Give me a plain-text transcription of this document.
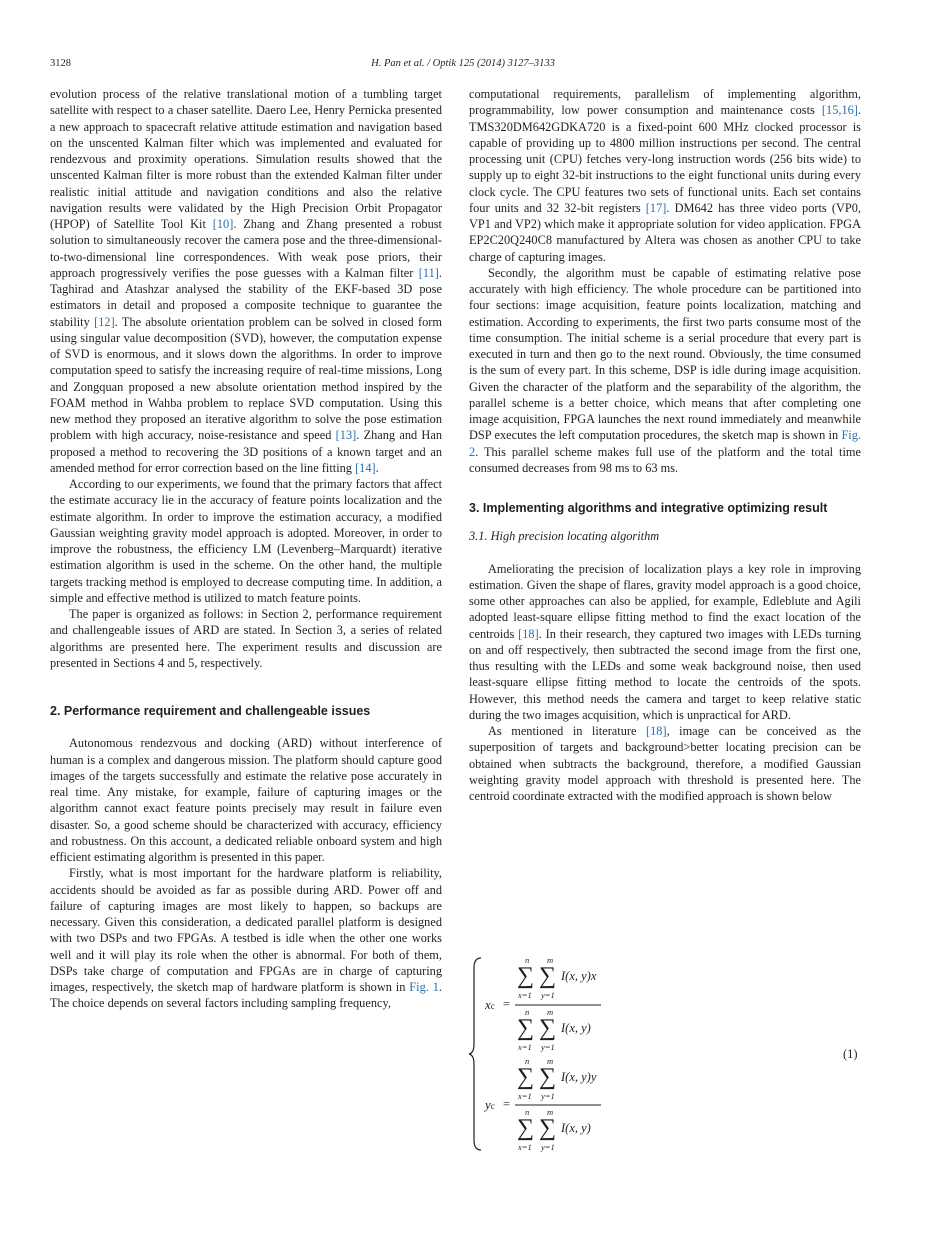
3128	H. Pan et al. / Optik 125 (2014) 3127–3133

evolution process of the relative translational motion of a tumbling target satellite with respect to a chaser satellite. Daero Lee, Henry Pernicka presented a new approach to spacecraft relative attitude estimation and navigation based on the unscented Kalman filter which was implemented and evaluated for rendezvous and proximity operations. Simulation results showed that the unscented Kalman filter is more robust than the extended Kalman filter under realistic initial attitude and navigation conditions and also the relative navigation results were validated by the High Precision Orbit Propagator (HPOP) of Satellite Tool Kit [10]. Zhang and Zhang presented a robust solution to simultaneously recover the camera pose and the three-dimensional-to-two-dimensional line correspondences. With weak pose priors, their approach progressively verifies the pose guesses with a Kalman filter [11]. Taghirad and Atashzar analysed the stability of the EKF-based 3D pose estimators in detail and proposed a composite technique to guarantee the stability [12]. The absolute orientation problem can be solved in closed form using singular value decomposition (SVD), however, the computation expense of SVD is enormous, and it slows down the algorithms. In order to improve computation speed to satisfy the increasing require of real-time missions, Long and Zongquan proposed a new absolute orientation method inspired by the FOAM method in Wahba problem to replace SVD computation. Using this new method they proposed an iterative algorithm to solve the pose estimation problem with high accuracy, noise-resistance and speed [13]. Zhang and Han proposed a method to recovering the 3D positions of a known target and an amended method for error correction based on the line fitting [14].

According to our experiments, we found that the primary factors that affect the estimate accuracy lie in the accuracy of feature points localization and the estimate algorithm. In order to improve the estimation accuracy, a modified Gaussian weighting gravity model approach is adopted. Moreover, in order to improve the robustness, the efficiency LM (Levenberg–Marquardt) iterative estimation algorithm is used in the scheme. On the other hand, the multiple targets tracking method is employed to decrease computing time. In addition, a simple and effective method is utilized to match feature points.

The paper is organized as follows: in Section 2, performance requirement and challengeable issues of ARD are stated. In Section 3, a series of related algorithms are presented here. The experiment results and discussion are presented in Sections 4 and 5, respectively.

2. Performance requirement and challengeable issues

Autonomous rendezvous and docking (ARD) without interference of human is a complex and dangerous mission. The platform should capture good images of the targets successfully and estimate the relative pose accurately in real time. Any mistake, for example, failure of capturing images or the algorithm cannot exact feature points precisely may result in failure even disaster. So, a good scheme should be characterized with accuracy, efficiency and robustness. On this account, a dedicated reliable onboard system and high efficient estimating algorithm is presented in this paper.

Firstly, what is most important for the hardware platform is reliability, accidents should be avoided as far as possible during ARD. Power off and failure of capturing images are most likely to happen, so backups are necessary. Given this consideration, a dedicated parallel platform is designed with two DSPs and two FPGAs. A testbed is idle when the other one works well and it will play its role when the other is abnormal. For both of them, DSPs take charge of computation and FPGAs are in charge of capturing images, respectively, the sketch map of hardware platform is shown in Fig. 1. The choice depends on several factors including sampling frequency,

computational requirements, parallelism of implementing algorithm, programmability, low power consumption and maintenance costs [15,16]. TMS320DM642GDKA720 is a fixed-point 600 MHz clocked processor is capable of providing up to 4800 million instructions per second. The central processing unit (CPU) fetches very-long instruction words (256 bits wide) to supply up to eight 32-bit instructions to the eight functional units during every clock cycle. The CPU features two sets of functional units. Each set contains four units and 32 32-bit registers [17]. DM642 has three video ports (VP0, VP1 and VP2) which make it appropriate solution for video application. FPGA EP2C20Q240C8 manufactured by Altera was chosen as another CPU to take charge of capturing images.

Secondly, the algorithm must be capable of estimating relative pose accurately with high efficiency. The whole procedure can be partitioned into four sections: image acquisition, feature points localization, matching and estimation. According to experiments, the first two parts consume most of the time consumption. The initial scheme is a serial procedure that every part is executed in turn and then go to the next round. Obviously, the time consumed is the sum of every part. In this scheme, DSP is idle during image acquisition. Given the character of the platform and the separability of the algorithm, the parallel scheme is a better choice, which means that after completing one image acquisition, FPGA launches the next round immediately and meanwhile DSP executes the left computation procedures, the sketch map is shown in Fig. 2. This parallel scheme makes full use of the platform and the total time consumed decreases from 98 ms to 63 ms.

3. Implementing algorithms and integrative optimizing result
3.1. High precision locating algorithm

Ameliorating the precision of localization plays a key role in improving estimation. Given the shape of flares, gravity model approach is a good choice, some other approaches can also be applied, for example, Edleblute and Agili adopted least-square ellipse fitting method to find the exact location of the centroids [18]. In their research, they captured two images with LEDs turning on and off respectively, then subtracted the second image from the first one, thus resulting with the LEDs and some weak background noise, then used least-square ellipse fitting method to locate the centroids of the spots. However, this method needs the camera and target to keep relative static during the two images acquisition, which is unpractical for ARD.

As mentioned in literature [18], image can be conceived as the superposition of targets and background>better locating precision can be obtained when subtracts the background, therefore, a modified Gaussian weighting gravity model approach with threshold is presented here. The centroid coordinate extracted with the modified approach is shown below

xc =
n m
∑ ∑ I(x, y)x
x=1 y=1
n m
∑ ∑ I(x, y)
x=1 y=1
yc =
n m
∑ ∑ I(x, y)y
x=1 y=1
n m
∑ ∑ I(x, y)
x=1 y=1
(1)
